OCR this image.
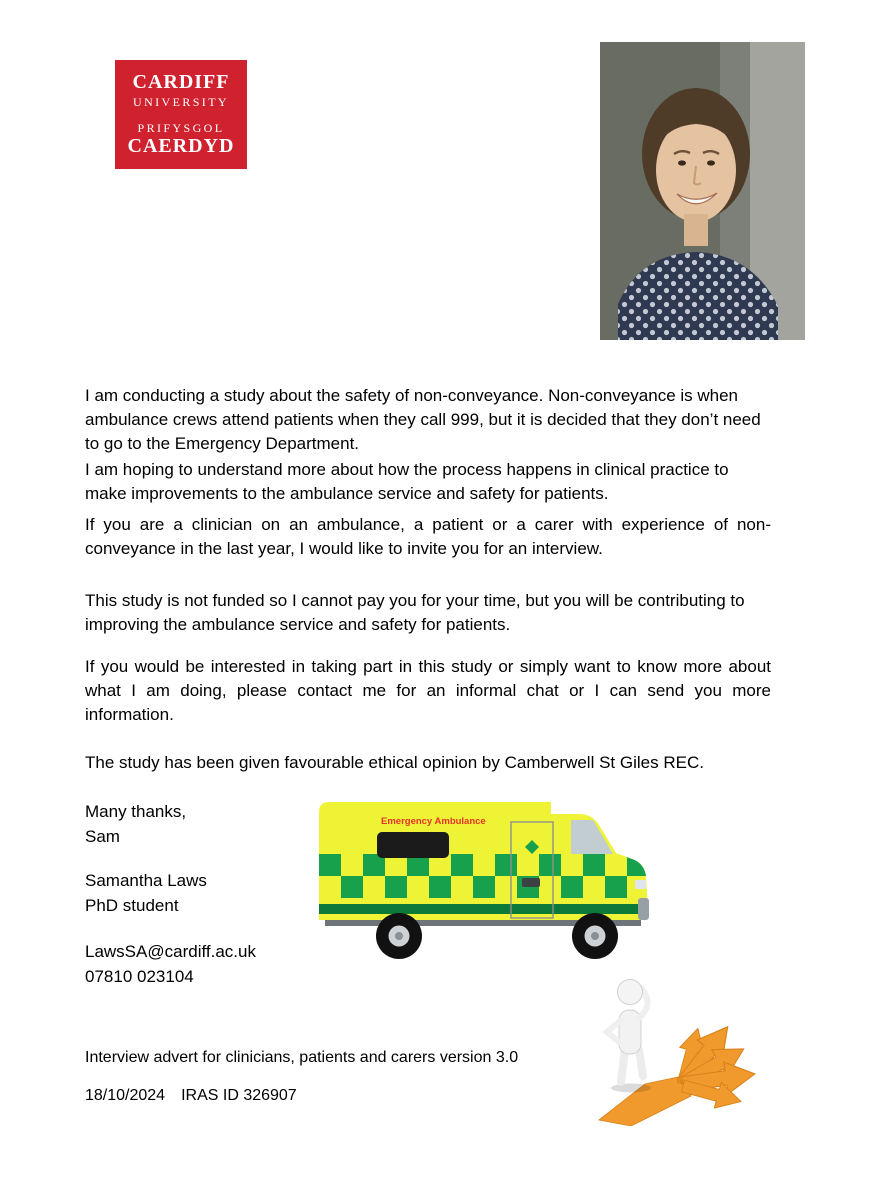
CARDIFF
UNIVERSITY
PRIFYSGOL
CAERDYD

I am conducting a study about the safety of non-conveyance. Non-conveyance is when ambulance crews attend patients when they call 999, but it is decided that they don’t need to go to the Emergency Department.

I am hoping to understand more about how the process happens in clinical practice to make improvements to the ambulance service and safety for patients.

If you are a clinician on an ambulance, a patient or a carer with experience of non-conveyance in the last year, I would like to invite you for an interview.

This study is not funded so I cannot pay you for your time, but you will be contributing to improving the ambulance service and safety for patients.

If you would be interested in taking part in this study or simply want to know more about what I am doing, please contact me for an informal chat or I can send you more information.

The study has been given favourable ethical opinion by Camberwell St Giles REC.

Many thanks,

Sam

Samantha Laws

PhD student

LawsSA@cardiff.ac.uk

07810 023104

Emergency Ambulance

Interview advert for clinicians, patients and carers version 3.0

18/10/2024 IRAS ID 326907
